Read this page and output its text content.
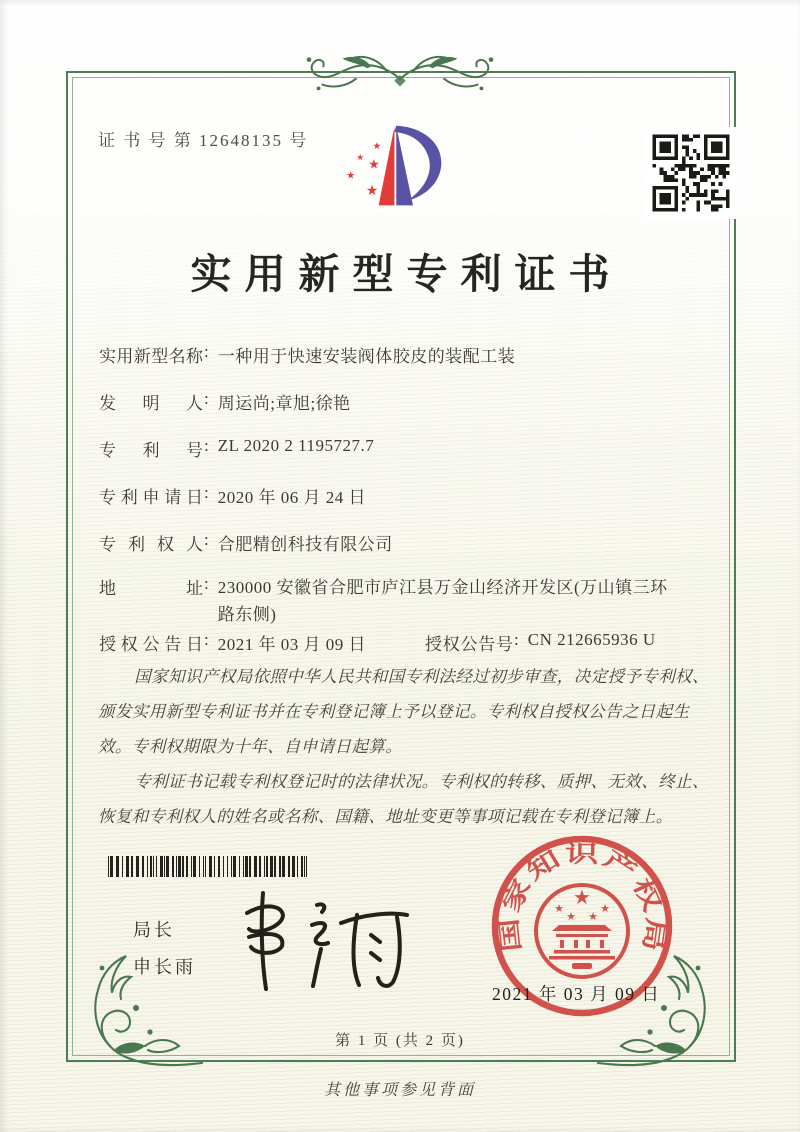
证 书 号 第 12648135 号	★
★ ★
★
★
实用新型专利证书
实用新型名称: 一种用于快速安装阀体胶皮的装配工装
发明人: 周运尚;章旭;徐艳
专利号: ZL 2020 2 1195727.7
专利申请日: 2020 年 06 月 24 日
专利权人: 合肥精创科技有限公司
地址: 230000 安徽省合肥市庐江县万金山经济开发区(万山镇三环路东侧)
授权公告日: 2021 年 03 月 09 日	授权公告号: CN 212665936 U

国家知识产权局依照中华人民共和国专利法经过初步审查，决定授予专利权、颁发实用新型专利证书并在专利登记簿上予以登记。专利权自授权公告之日起生效。专利权期限为十年、自申请日起算。

专利证书记载专利权登记时的法律状况。专利权的转移、质押、无效、终止、恢复和专利权人的姓名或名称、国籍、地址变更等事项记载在专利登记簿上。

局长
申长雨
国家知识产权局
★
★
★ ★
★
2021 年 03 月 09 日
第 1 页 (共 2 页)
其他事项参见背面
